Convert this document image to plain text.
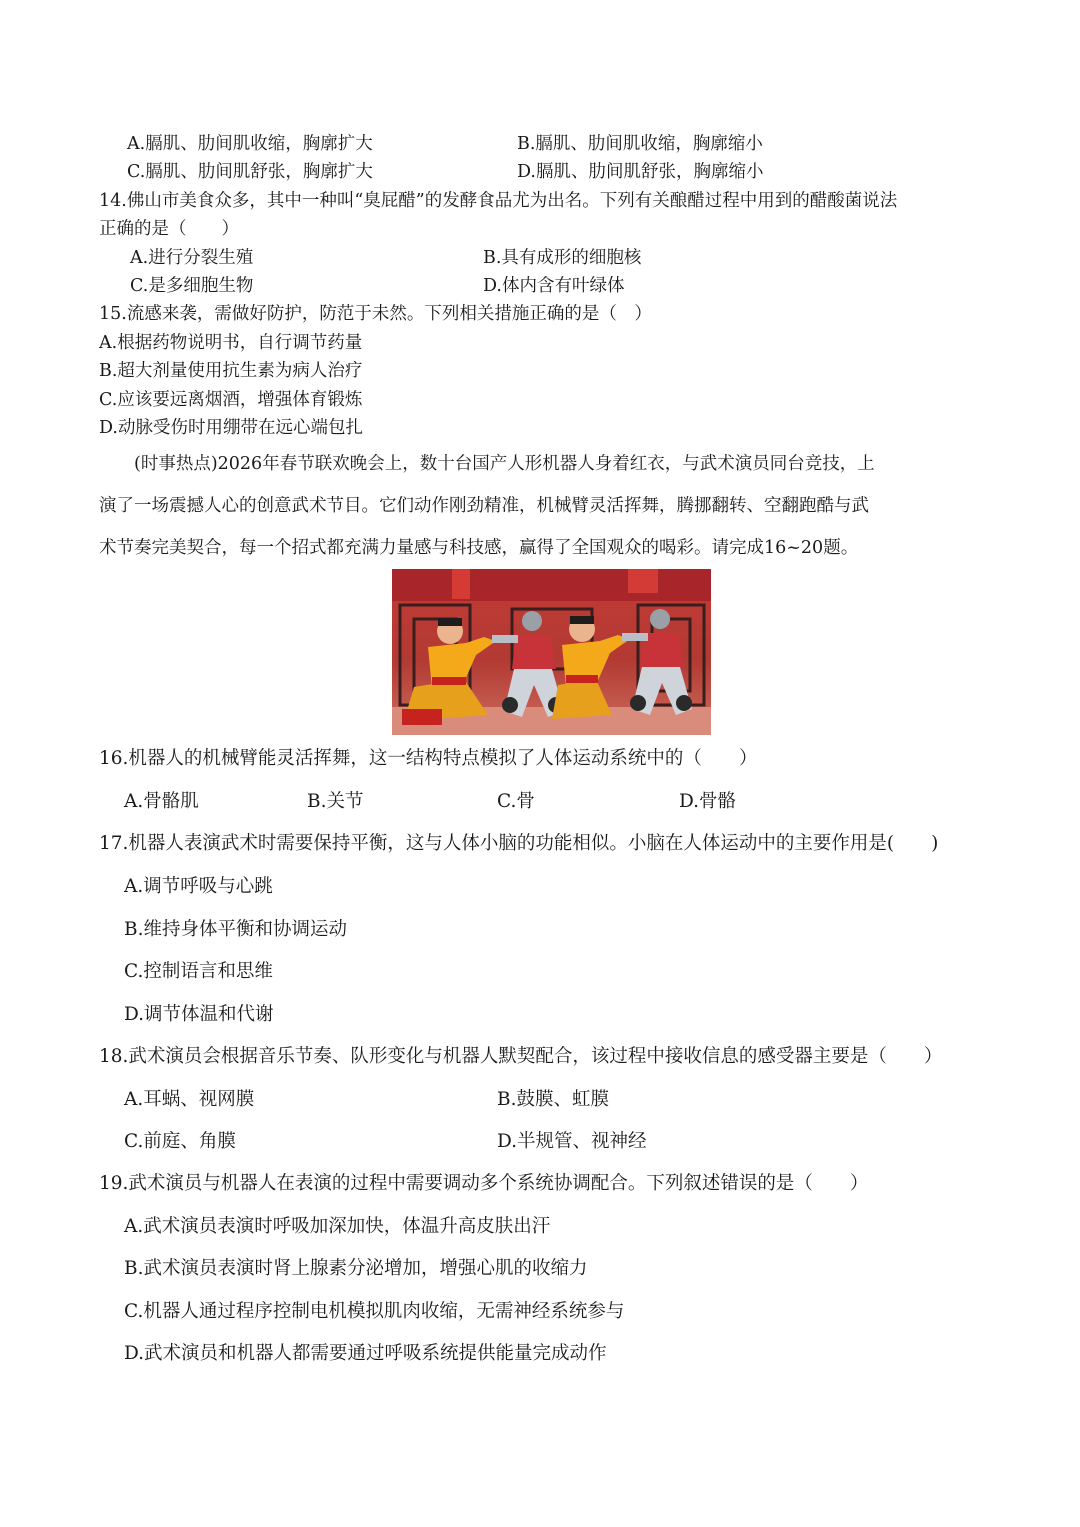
A.膈肌、肋间肌收缩，胸廓扩大	B.膈肌、肋间肌收缩，胸廓缩小
C.膈肌、肋间肌舒张，胸廓扩大	D.膈肌、肋间肌舒张，胸廓缩小
14.佛山市美食众多，其中一种叫“臭屁醋”的发酵食品尤为出名。下列有关酿醋过程中用到的醋酸菌说法
正确的是（　　）
A.进行分裂生殖	B.具有成形的细胞核
C.是多细胞生物	D.体内含有叶绿体
15.流感来袭，需做好防护，防范于未然。下列相关措施正确的是（　）
A.根据药物说明书，自行调节药量
B.超大剂量使用抗生素为病人治疗
C.应该要远离烟酒，增强体育锻炼
D.动脉受伤时用绷带在远心端包扎
(时事热点)2026年春节联欢晚会上，数十台国产人形机器人身着红衣，与武术演员同台竞技，上
演了一场震撼人心的创意武术节目。它们动作刚劲精准，机械臂灵活挥舞，腾挪翻转、空翻跑酷与武
术节奏完美契合，每一个招式都充满力量感与科技感，赢得了全国观众的喝彩。请完成16~20题。
16.机器人的机械臂能灵活挥舞，这一结构特点模拟了人体运动系统中的（　　）
A.骨骼肌	B.关节	C.骨	D.骨骼
17.机器人表演武术时需要保持平衡，这与人体小脑的功能相似。小脑在人体运动中的主要作用是(　　)
A.调节呼吸与心跳
B.维持身体平衡和协调运动
C.控制语言和思维
D.调节体温和代谢
18.武术演员会根据音乐节奏、队形变化与机器人默契配合，该过程中接收信息的感受器主要是（　　）
A.耳蜗、视网膜	B.鼓膜、虹膜
C.前庭、角膜	D.半规管、视神经
19.武术演员与机器人在表演的过程中需要调动多个系统协调配合。下列叙述错误的是（　　）
A.武术演员表演时呼吸加深加快，体温升高皮肤出汗
B.武术演员表演时肾上腺素分泌增加，增强心肌的收缩力
C.机器人通过程序控制电机模拟肌肉收缩，无需神经系统参与
D.武术演员和机器人都需要通过呼吸系统提供能量完成动作
